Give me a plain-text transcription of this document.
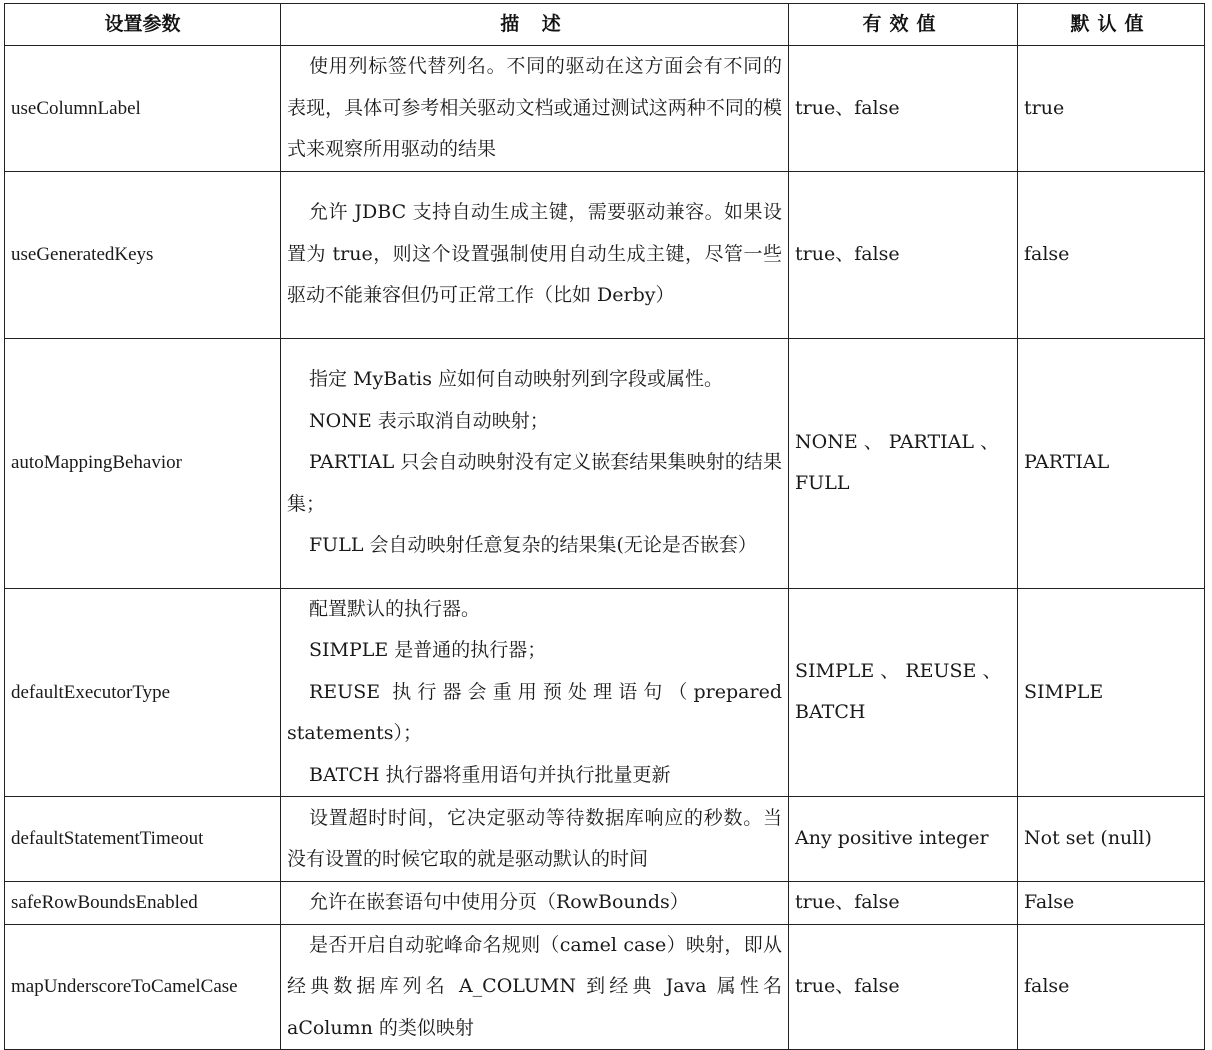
设置参数	描 述	有效值	默认值
useColumnLabel	使用列标签代替列名。不同的驱动在这方面会有不同的表现，具体可参考相关驱动文档或通过测试这两种不同的模式来观察所用驱动的结果	true、false	true
useGeneratedKeys	允许 JDBC 支持自动生成主键，需要驱动兼容。如果设置为 true，则这个设置强制使用自动生成主键，尽管一些驱动不能兼容但仍可正常工作（比如 Derby）	true、false	false
autoMappingBehavior	指定 MyBatis 应如何自动映射列到字段或属性。

NONE 表示取消自动映射；

PARTIAL 只会自动映射没有定义嵌套结果集映射的结果集；

FULL 会自动映射任意复杂的结果集(无论是否嵌套）	NONE 、 PARTIAL 、 FULL	PARTIAL
defaultExecutorType	配置默认的执行器。

SIMPLE 是普通的执行器；

REUSE 执行器会重用预处理语句（prepared statements）；

BATCH 执行器将重用语句并执行批量更新	SIMPLE 、 REUSE 、 BATCH	SIMPLE
defaultStatementTimeout	设置超时时间，它决定驱动等待数据库响应的秒数。当没有设置的时候它取的就是驱动默认的时间	Any positive integer	Not set (null)
safeRowBoundsEnabled	允许在嵌套语句中使用分页（RowBounds）	true、false	False
mapUnderscoreToCamelCase	是否开启自动驼峰命名规则（camel case）映射，即从经典数据库列名 A_COLUMN 到经典 Java 属性名 aColumn 的类似映射	true、false	false
